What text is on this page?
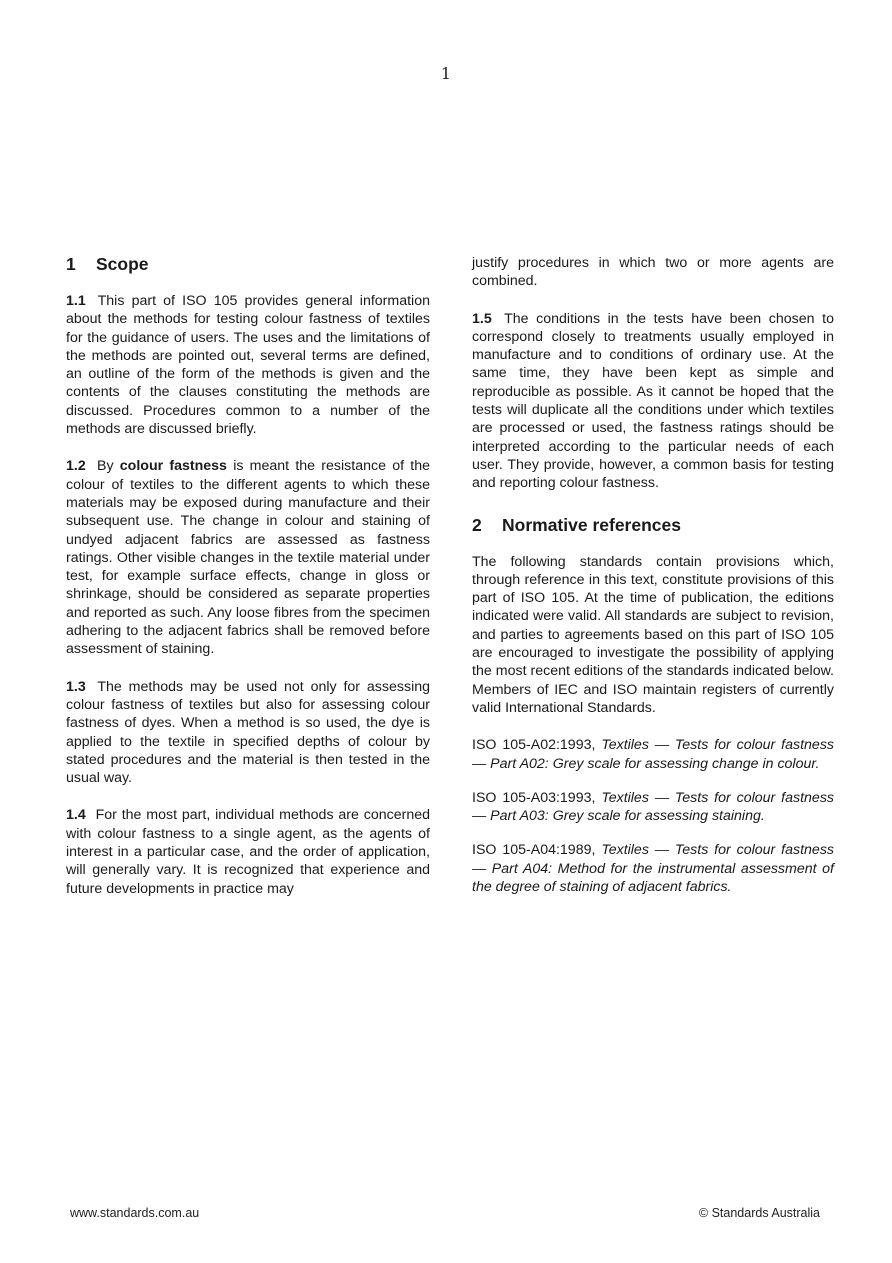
1
1 Scope

1.1 This part of ISO 105 provides general information about the methods for testing colour fastness of textiles for the guidance of users. The uses and the limitations of the methods are pointed out, several terms are defined, an outline of the form of the methods is given and the contents of the clauses constituting the methods are discussed. Procedures common to a number of the methods are discussed briefly.

1.2 By colour fastness is meant the resistance of the colour of textiles to the different agents to which these materials may be exposed during manufacture and their subsequent use. The change in colour and staining of undyed adjacent fabrics are assessed as fastness ratings. Other visible changes in the textile material under test, for example surface effects, change in gloss or shrinkage, should be considered as separate properties and reported as such. Any loose fibres from the specimen adhering to the adjacent fabrics shall be removed before assessment of staining.

1.3 The methods may be used not only for assessing colour fastness of textiles but also for assessing colour fastness of dyes. When a method is so used, the dye is applied to the textile in specified depths of colour by stated procedures and the material is then tested in the usual way.

1.4 For the most part, individual methods are concerned with colour fastness to a single agent, as the agents of interest in a particular case, and the order of application, will generally vary. It is recognized that experience and future developments in practice may

justify procedures in which two or more agents are combined.

1.5 The conditions in the tests have been chosen to correspond closely to treatments usually employed in manufacture and to conditions of ordinary use. At the same time, they have been kept as simple and reproducible as possible. As it cannot be hoped that the tests will duplicate all the conditions under which textiles are processed or used, the fastness ratings should be interpreted according to the particular needs of each user. They provide, however, a common basis for testing and reporting colour fastness.

2 Normative references

The following standards contain provisions which, through reference in this text, constitute provisions of this part of ISO 105. At the time of publication, the editions indicated were valid. All standards are subject to revision, and parties to agreements based on this part of ISO 105 are encouraged to investigate the possibility of applying the most recent editions of the standards indicated below. Members of IEC and ISO maintain registers of currently valid International Standards.

ISO 105-A02:1993, Textiles — Tests for colour fastness — Part A02: Grey scale for assessing change in colour.

ISO 105-A03:1993, Textiles — Tests for colour fastness — Part A03: Grey scale for assessing staining.

ISO 105-A04:1989, Textiles — Tests for colour fastness — Part A04: Method for the instrumental assessment of the degree of staining of adjacent fabrics.

www.standards.com.au	© Standards Australia
